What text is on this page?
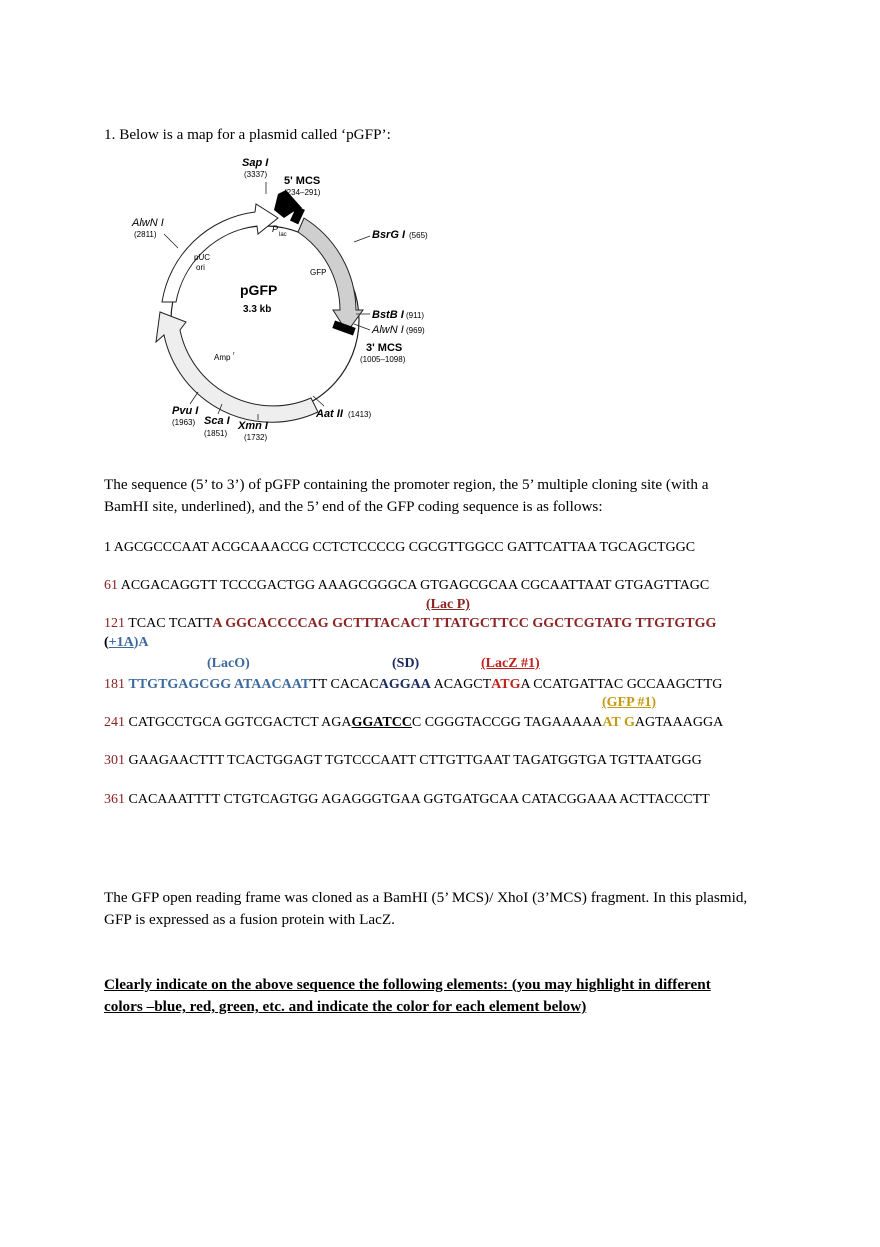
1. Below is a map for a plasmid called ‘pGFP’:
Sap I
(3337)
5' MCS
(234–291)
BsrG I (565)
BstB I (911)
AlwN I (969)
3' MCS
(1005–1098)
Aat II (1413)
Xmn I
(1732)
Sca I
(1851)
Pvu I
(1963)
AlwN I
(2811)
P
lac
GFP
pUC
ori
pGFP
3.3 kb
Amp r
The sequence (5’ to 3’) of pGFP containing the promoter region, the 5’ multiple cloning site (with a
BamHI site, underlined), and the 5’ end of the GFP coding sequence is as follows:
1 AGCGCCCAAT ACGCAAACCG CCTCTCCCCG CGCGTTGGCC GATTCATTAA TGCAGCTGGC
61 ACGACAGGTT TCCCGACTGG AAAGCGGGCA GTGAGCGCAA CGCAATTAAT GTGAGTTAGC
(Lac P)
121 TCAC TCATTA GGCACCCCAG GCTTTACACT TTATGCTTCC GGCTCGTATG TTGTGTGG
(+1A)A
(LacO)	(SD)	(LacZ #1)
181 TTGTGAGCGG ATAACAATTT CACACAGGAA ACAGCTATGA CCATGATTAC GCCAAGCTTG
(GFP #1)
241 CATGCCTGCA GGTCGACTCT AGAGGATCCC CGGGTACCGG TAGAAAAAAT GAGTAAAGGA
301 GAAGAACTTT TCACTGGAGT TGTCCCAATT CTTGTTGAAT TAGATGGTGA TGTTAATGGG
361 CACAAATTTT CTGTCAGTGG AGAGGGTGAA GGTGATGCAA CATACGGAAA ACTTACCCTT
The GFP open reading frame was cloned as a BamHI (5’ MCS)/ XhoI (3’MCS) fragment. In this plasmid,
GFP is expressed as a fusion protein with LacZ.
Clearly indicate on the above sequence the following elements: (you may highlight in different
colors –blue, red, green, etc. and indicate the color for each element below)
